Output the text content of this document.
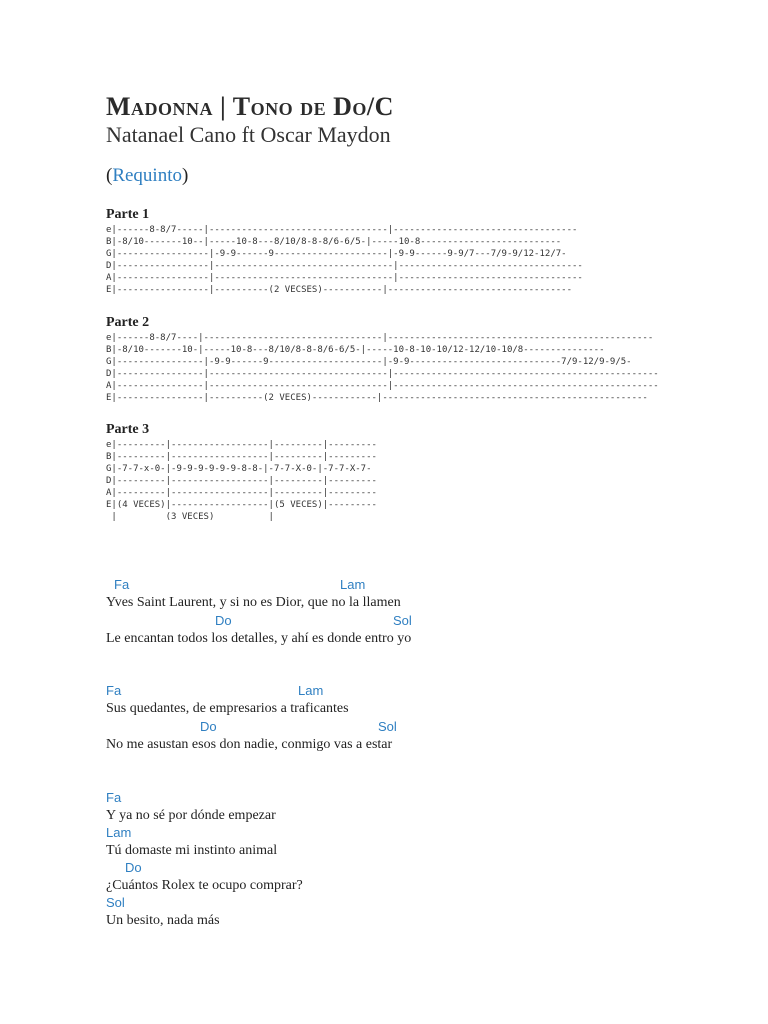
Madonna | Tono de Do/C
Natanael Cano ft Oscar Maydon
(Requinto)
Parte 1
e|------8-8/7-----|---------------------------------|----------------------------------
B|-8/10-------10--|-----10-8---8/10/8-8-8/6-6/5-|-----10-8--------------------------
G|-----------------|-9-9------9---------------------|-9-9------9-9/7---7/9-9/12-12/7-
D|-----------------|---------------------------------|----------------------------------
A|-----------------|---------------------------------|----------------------------------
E|-----------------|----------(2 VECSES)-----------|----------------------------------
Parte 2
e|------8-8/7----|---------------------------------|-------------------------------------------------
B|-8/10-------10-|-----10-8---8/10/8-8-8/6-6/5-|-----10-8-10-10/12-12/10-10/8---------------
G|----------------|-9-9------9---------------------|-9-9----------------------------7/9-12/9-9/5-
D|----------------|---------------------------------|-------------------------------------------------
A|----------------|---------------------------------|-------------------------------------------------
E|----------------|----------(2 VECES)------------|-------------------------------------------------
Parte 3
e|---------|------------------|---------|---------
B|---------|------------------|---------|---------
G|-7-7-x-0-|-9-9-9-9-9-9-8-8-|-7-7-X-0-|-7-7-X-7-
D|---------|------------------|---------|---------
A|---------|------------------|---------|---------
E|(4 VECES)|------------------|(5 VECES)|---------
|         (3 VECES)          |
Fa	Lam
Yves Saint Laurent, y si no es Dior, que no la llamen
Do	Sol
Le encantan todos los detalles, y ahí es donde entro yo
Fa	Lam
Sus quedantes, de empresarios a traficantes
Do	Sol
No me asustan esos don nadie, conmigo vas a estar
Fa
Y ya no sé por dónde empezar
Lam
Tú domaste mi instinto animal
Do
¿Cuántos Rolex te ocupo comprar?
Sol
Un besito, nada más
